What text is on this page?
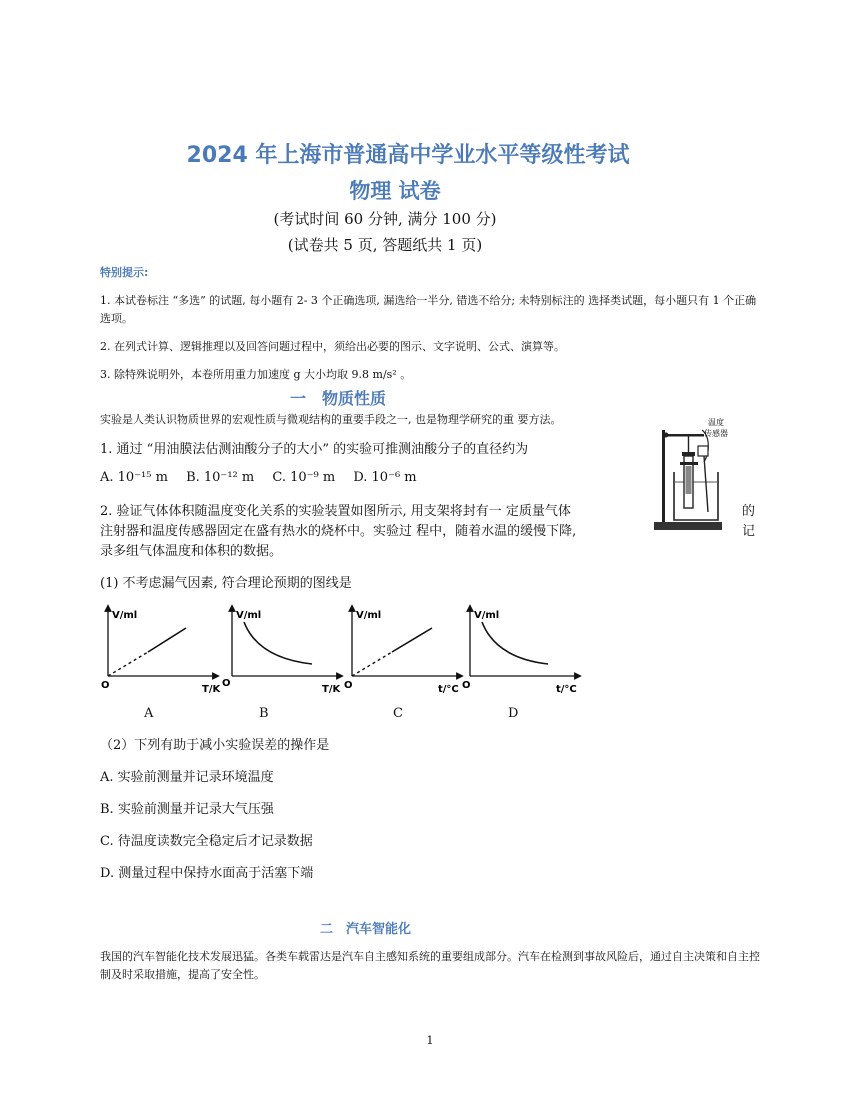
2024 年上海市普通高中学业水平等级性考试
物理 试卷
(考试时间 60 分钟, 满分 100 分)
(试卷共 5 页, 答题纸共 1 页)
特别提示:
1. 本试卷标注 “多选” 的试题, 每小题有 2- 3 个正确选项, 漏选给一半分, 错选不给分; 未特别标注的 选择类试题，每小题只有 1 个正确选项。
2. 在列式计算、逻辑推理以及回答问题过程中，须给出必要的图示、文字说明、公式、演算等。
3. 除特殊说明外，本卷所用重力加速度 g 大小均取 9.8 m/s² 。
一　物质性质
实验是人类认识物质世界的宏观性质与微观结构的重要手段之一, 也是物理学研究的重 要方法。	温度
传感器
1. 通过 “用油膜法估测油酸分子的大小” 的实验可推测油酸分子的直径约为
A. 10⁻¹⁵ m B. 10⁻¹² m C. 10⁻⁹ m D. 10⁻⁶ m
2. 验证气体体积随温度变化关系的实验装置如图所示, 用支架将封有一 定质量气体	的
注射器和温度传感器固定在盛有热水的烧杯中。实验过 程中，随着水温的缓慢下降,	记
录多组气体温度和体积的数据。
(1) 不考虑漏气因素, 符合理论预期的图线是
V/ml
T/K
O
V/ml
T/K
O
V/ml
t/°C
O
V/ml
t/°C
O
A	B	C	D
（2）下列有助于减小实验误差的操作是
A. 实验前测量并记录环境温度
B. 实验前测量并记录大气压强
C. 待温度读数完全稳定后才记录数据
D. 测量过程中保持水面高于活塞下端
二　汽车智能化
我国的汽车智能化技术发展迅猛。各类车载雷达是汽车自主感知系统的重要组成部分。汽车在检测到事故风险后，通过自主决策和自主控制及时采取措施，提高了安全性。
1
